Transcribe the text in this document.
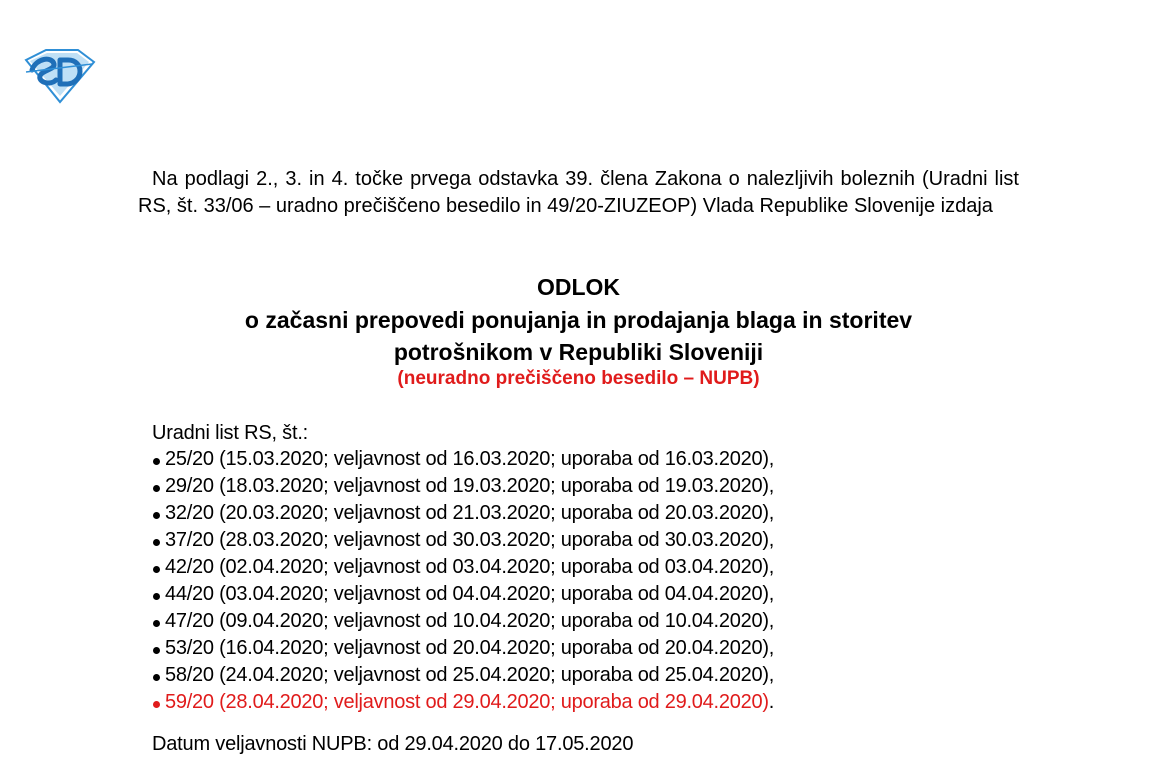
Na podlagi 2., 3. in 4. točke prvega odstavka 39. člena Zakona o nalezljivih boleznih (Uradni list RS, št. 33/06 – uradno prečiščeno besedilo in 49/20-ZIUZEOP) Vlada Republike Slovenije izdaja

ODLOK
o začasni prepovedi ponujanja in prodajanja blaga in storitev potrošnikom v Republiki Sloveniji
(neuradno prečiščeno besedilo – NUPB)
Uradni list RS, št.:
25/20 (15.03.2020; veljavnost od 16.03.2020; uporaba od 16.03.2020),
29/20 (18.03.2020; veljavnost od 19.03.2020; uporaba od 19.03.2020),
32/20 (20.03.2020; veljavnost od 21.03.2020; uporaba od 20.03.2020),
37/20 (28.03.2020; veljavnost od 30.03.2020; uporaba od 30.03.2020),
42/20 (02.04.2020; veljavnost od 03.04.2020; uporaba od 03.04.2020),
44/20 (03.04.2020; veljavnost od 04.04.2020; uporaba od 04.04.2020),
47/20 (09.04.2020; veljavnost od 10.04.2020; uporaba od 10.04.2020),
53/20 (16.04.2020; veljavnost od 20.04.2020; uporaba od 20.04.2020),
58/20 (24.04.2020; veljavnost od 25.04.2020; uporaba od 25.04.2020),
59/20 (28.04.2020; veljavnost od 29.04.2020; uporaba od 29.04.2020).
Datum veljavnosti NUPB: od 29.04.2020 do 17.05.2020
